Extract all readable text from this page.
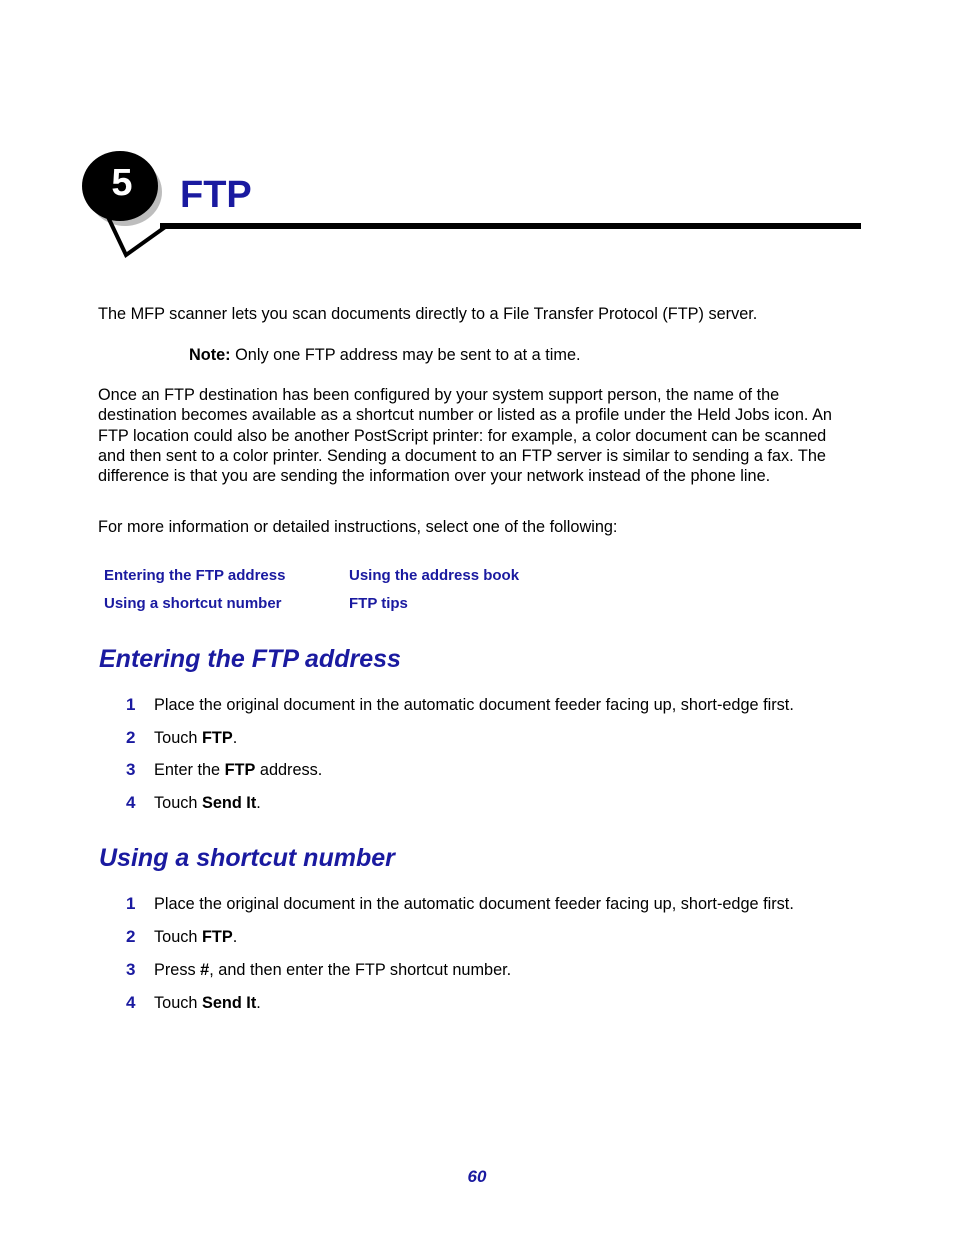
5 FTP

The MFP scanner lets you scan documents directly to a File Transfer Protocol (FTP) server.

Note: Only one FTP address may be sent to at a time.

Once an FTP destination has been configured by your system support person, the name of the destination becomes available as a shortcut number or listed as a profile under the Held Jobs icon. An FTP location could also be another PostScript printer: for example, a color document can be scanned and then sent to a color printer. Sending a document to an FTP server is similar to sending a fax. The difference is that you are sending the information over your network instead of the phone line.

For more information or detailed instructions, select one of the following:

Entering the FTP address	Using the address book
Using a shortcut number	FTP tips
Entering the FTP address
1 Place the original document in the automatic document feeder facing up, short-edge first.
2 Touch FTP.
3 Enter the FTP address.
4 Touch Send It.
Using a shortcut number
1 Place the original document in the automatic document feeder facing up, short-edge first.
2 Touch FTP.
3 Press #, and then enter the FTP shortcut number.
4 Touch Send It.
60
